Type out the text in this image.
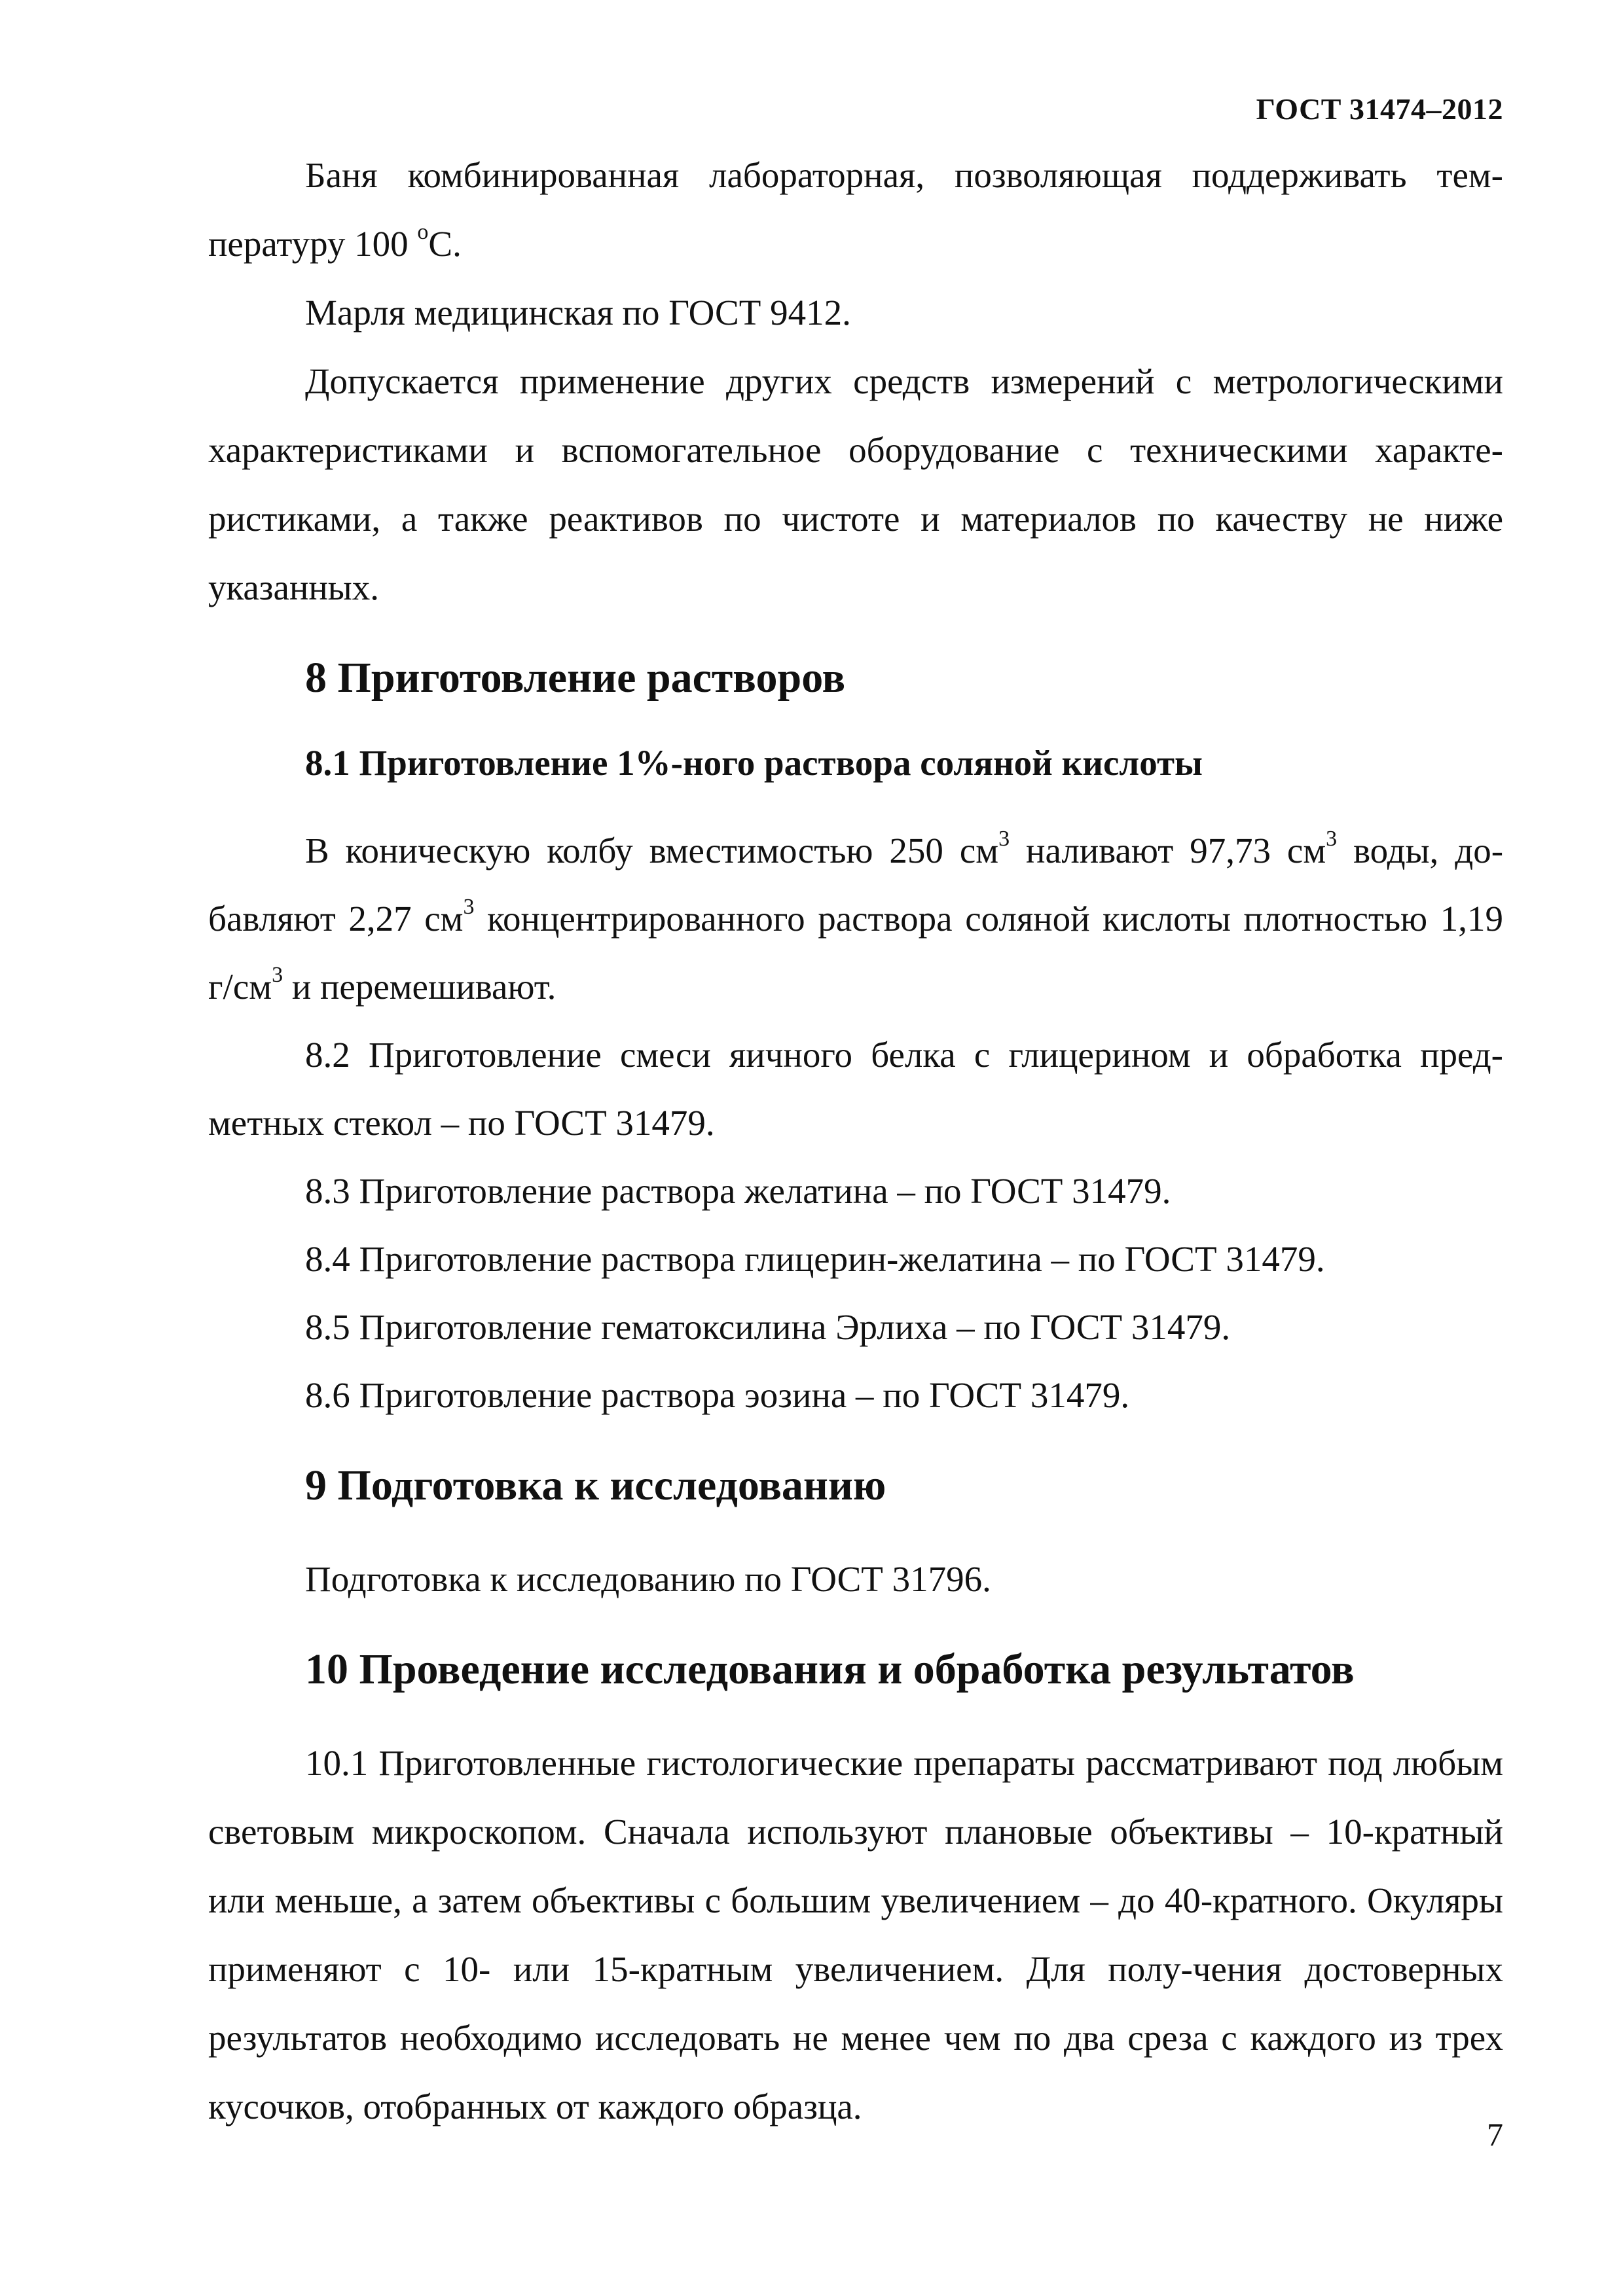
ГОСТ 31474–2012

Баня комбинированная лабораторная, позволяющая поддерживать тем-пературу 100 $^о$С.

Марля медицинская по ГОСТ 9412.

Допускается применение других средств измерений с метрологическими характеристиками и вспомогательное оборудование с техническими характе-ристиками, а также реактивов по чистоте и материалов по качеству не ниже указанных.

8 Приготовление растворов
8.1 Приготовление 1%-ного раствора соляной кислоты

В коническую колбу вместимостью 250 $см^3$ наливают 97,73 $см^3$ воды, до-бавляют 2,27 $см^3$ концентрированного раствора соляной кислоты плотностью 1,19 $г/см^3$ и перемешивают.

8.2 Приготовление смеси яичного белка с глицерином и обработка пред-метных стекол – по ГОСТ 31479.

8.3 Приготовление раствора желатина – по ГОСТ 31479.

8.4 Приготовление раствора глицерин-желатина – по ГОСТ 31479.

8.5 Приготовление гематоксилина Эрлиха – по ГОСТ 31479.

8.6 Приготовление раствора эозина – по ГОСТ 31479.

9 Подготовка к исследованию

Подготовка к исследованию по ГОСТ 31796.

10 Проведение исследования и обработка результатов

10.1 Приготовленные гистологические препараты рассматривают под любым световым микроскопом. Сначала используют плановые объективы – 10-кратный или меньше, а затем объективы с большим увеличением – до 40-кратного. Окуляры применяют с 10- или 15-кратным увеличением. Для полу-чения достоверных результатов необходимо исследовать не менее чем по два среза с каждого из трех кусочков, отобранных от каждого образца.

7
